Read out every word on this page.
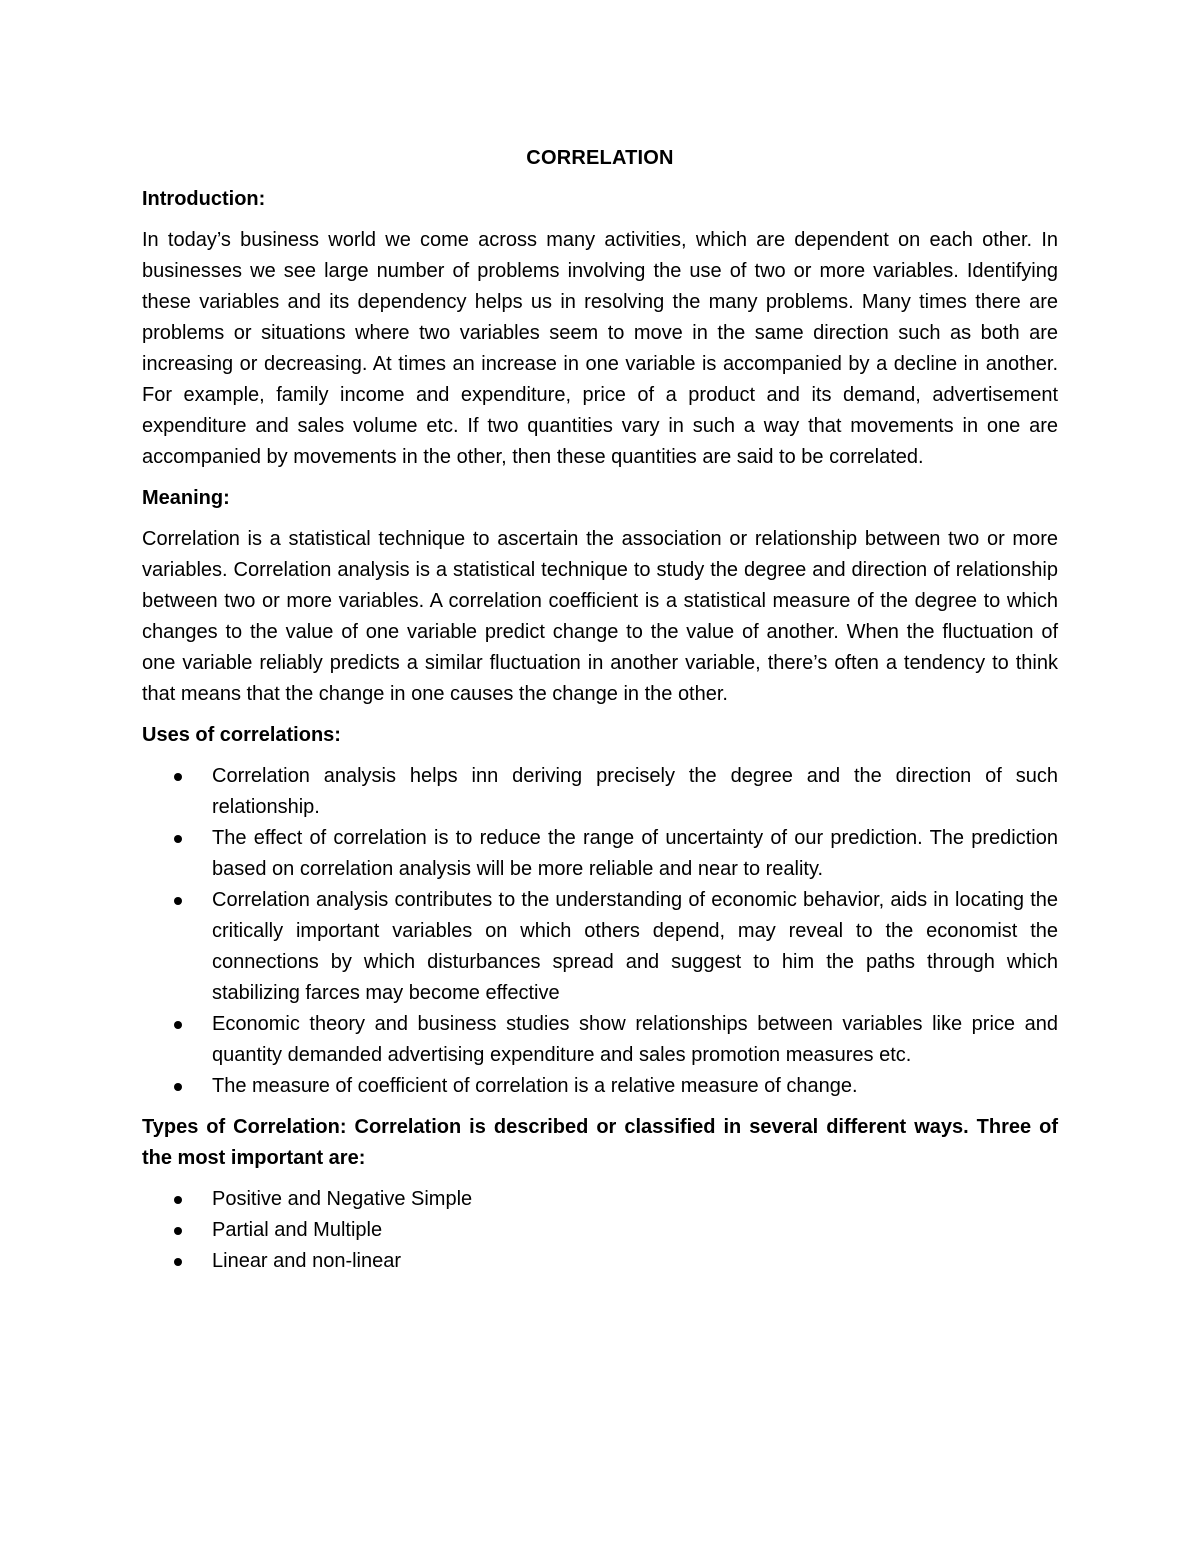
CORRELATION
Introduction:
In today’s business world we come across many activities, which are dependent on each other. In businesses we see large number of problems involving the use of two or more variables. Identifying these variables and its dependency helps us in resolving the many problems. Many times there are problems or situations where two variables seem to move in the same direction such as both are increasing or decreasing. At times an increase in one variable is accompanied by a decline in another. For example, family income and expenditure, price of a product and its demand, advertisement expenditure and sales volume etc. If two quantities vary in such a way that movements in one are accompanied by movements in the other, then these quantities are said to be correlated.
Meaning:
Correlation is a statistical technique to ascertain the association or relationship between two or more variables. Correlation analysis is a statistical technique to study the degree and direction of relationship between two or more variables. A correlation coefficient is a statistical measure of the degree to which changes to the value of one variable predict change to the value of another. When the fluctuation of one variable reliably predicts a similar fluctuation in another variable, there’s often a tendency to think that means that the change in one causes the change in the other.
Uses of correlations:
Correlation analysis helps inn deriving precisely the degree and the direction of such relationship.
The effect of correlation is to reduce the range of uncertainty of our prediction. The prediction based on correlation analysis will be more reliable and near to reality.
Correlation analysis contributes to the understanding of economic behavior, aids in locating the critically important variables on which others depend, may reveal to the economist the connections by which disturbances spread and suggest to him the paths through which stabilizing farces may become effective
Economic theory and business studies show relationships between variables like price and quantity demanded advertising expenditure and sales promotion measures etc.
The measure of coefficient of correlation is a relative measure of change.
Types of Correlation: Correlation is described or classified in several different ways. Three of the most important are:
Positive and Negative Simple
Partial and Multiple
Linear and non-linear
